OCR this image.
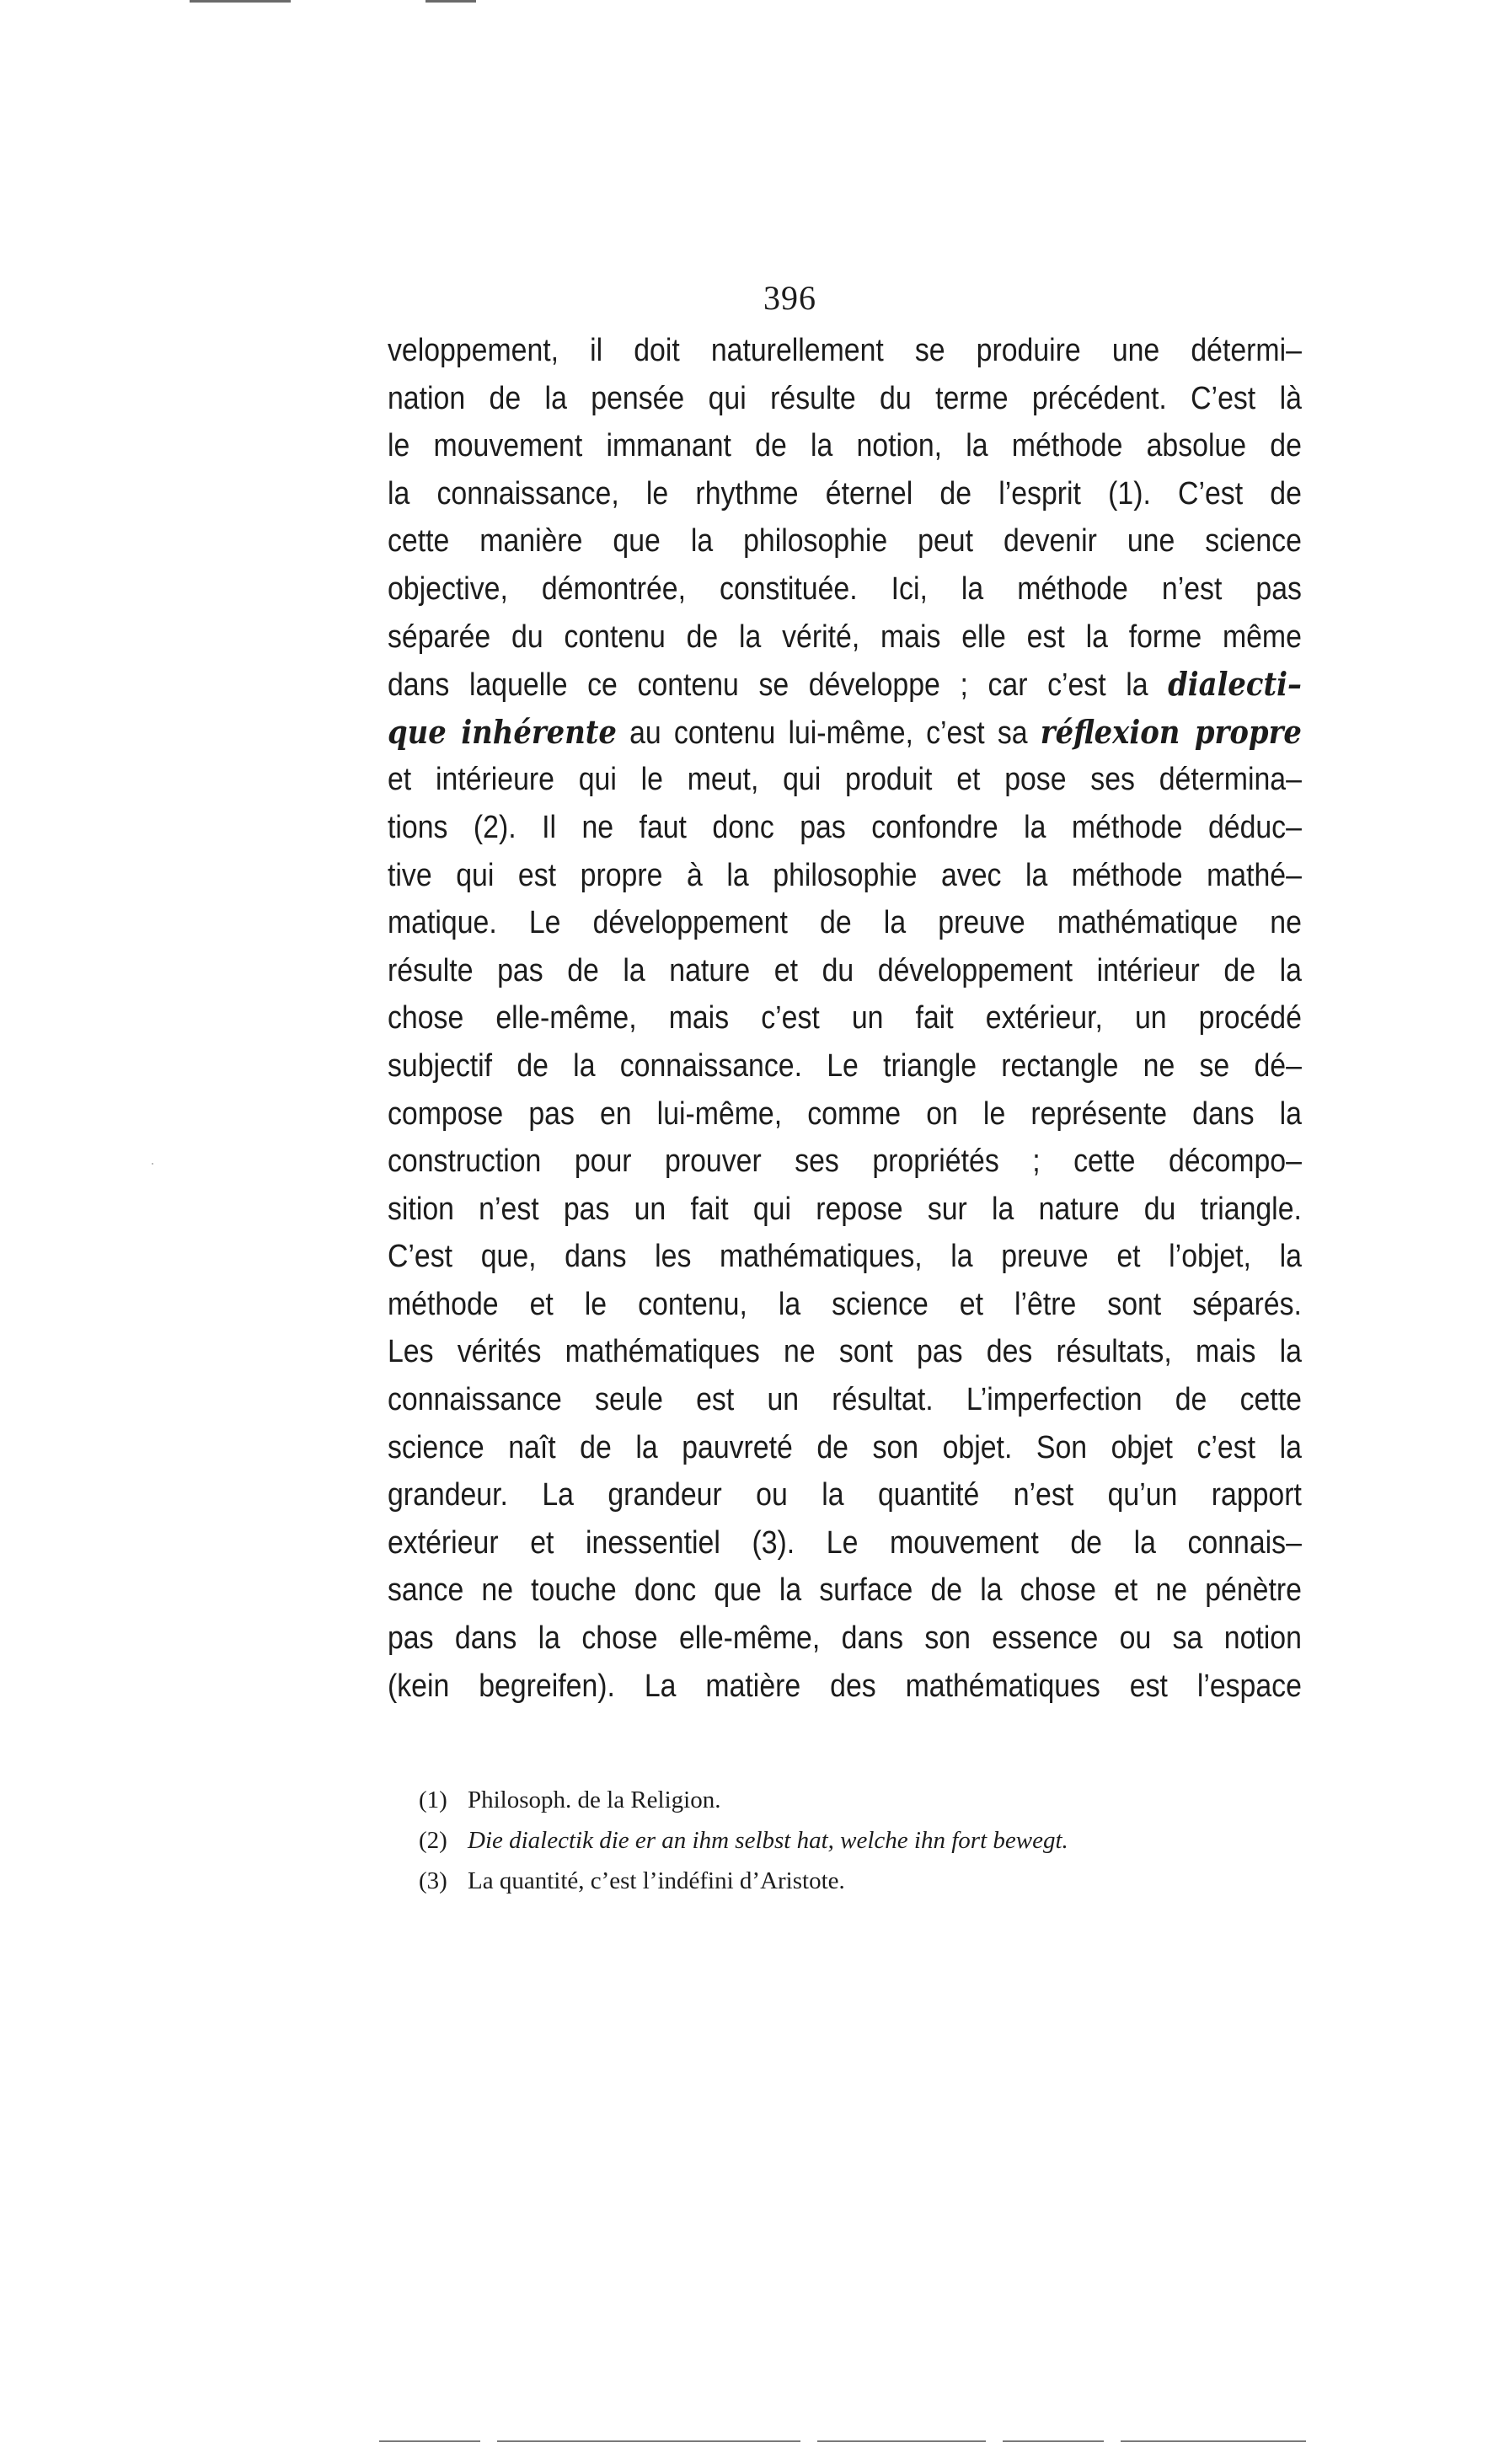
396
veloppement, il doit naturellement se produire une détermi–
nation de la pensée qui résulte du terme précédent. C’est là
le mouvement immanant de la notion, la méthode absolue de
la connaissance, le rhythme éternel de l’esprit (1). C’est de
cette manière que la philosophie peut devenir une science
objective, démontrée, constituée. Ici, la méthode n’est pas
séparée du contenu de la vérité, mais elle est la forme même
dans laquelle ce contenu se développe ; car c’est la dialecti–
que inhérente au contenu lui-même, c’est sa réflexion propre
et intérieure qui le meut, qui produit et pose ses détermina–
tions (2). Il ne faut donc pas confondre la méthode déduc–
tive qui est propre à la philosophie avec la méthode mathé–
matique. Le développement de la preuve mathématique ne
résulte pas de la nature et du développement intérieur de la
chose elle-même, mais c’est un fait extérieur, un procédé
subjectif de la connaissance. Le triangle rectangle ne se dé–
compose pas en lui-même, comme on le représente dans la
construction pour prouver ses propriétés ; cette décompo–
sition n’est pas un fait qui repose sur la nature du triangle.
C’est que, dans les mathématiques, la preuve et l’objet, la
méthode et le contenu, la science et l’être sont séparés.
Les vérités mathématiques ne sont pas des résultats, mais la
connaissance seule est un résultat. L’imperfection de cette
science naît de la pauvreté de son objet. Son objet c’est la
grandeur. La grandeur ou la quantité n’est qu’un rapport
extérieur et inessentiel (3). Le mouvement de la connais–
sance ne touche donc que la surface de la chose et ne pénètre
pas dans la chose elle-même, dans son essence ou sa notion
(kein begreifen). La matière des mathématiques est l’espace
(1) Philosoph. de la Religion.
(2) Die dialectik die er an ihm selbst hat, welche ihn fort bewegt.
(3) La quantité, c’est l’indéfini d’Aristote.
